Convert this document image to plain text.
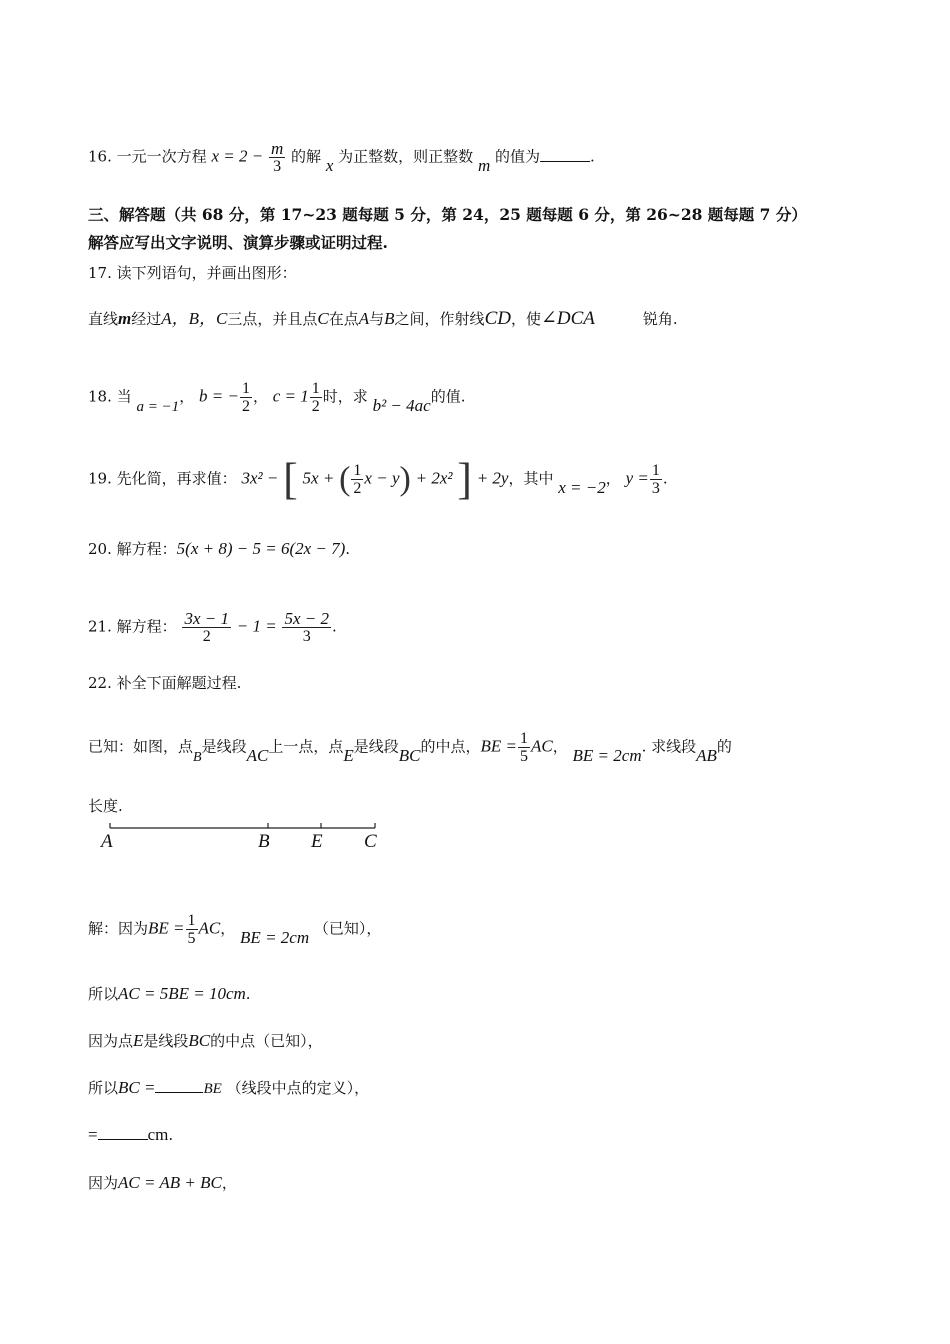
16. 一元一次方程 $x = 2 - \frac{m}{3}$ 的解 x 为正整数，则正整数 m 的值为	.
三、解答题（共 68 分，第 17~23 题每题 5 分，第 24，25 题每题 6 分，第 26~28 题每题 7 分）
解答应写出文字说明、演算步骤或证明过程.
17. 读下列语句，并画出图形：
直线m经过A，B，C三点，并且点C在点A与B之间，作射线CD，使∠DCA	锐角.
18. 当 a = −1， b = − $\frac{1}{2}$ ， $c = 1 \frac{1}{2}$ 时，求 b² − 4ac的值.
19. 先化简，再求值： 3x² − [ 5x + ( $\frac{1}{2}$ x − y) + 2x² ] + 2y，其中 x = −2， $y = \frac{1}{3}$ .
20. 解方程：5(x + 8) − 5 = 6(2x − 7).
21. 解方程： $\frac{3x - 1}{2} - 1 = \frac{5x - 2}{3}$ .
22. 补全下面解题过程.
已知：如图，点B是线段AC上一点，点E是线段BC的中点，BE = $\frac{1}{5}$ AC， BE = 2cm. 求线段AB的
长度.
A	B E C
解：因为BE = $\frac{1}{5}$ AC， BE = 2cm （已知），
所以AC = 5BE = 10cm.
因为点E是线段BC的中点（已知），
所以BC =	BE （线段中点的定义），
=	cm.
因为AC = AB + BC，
